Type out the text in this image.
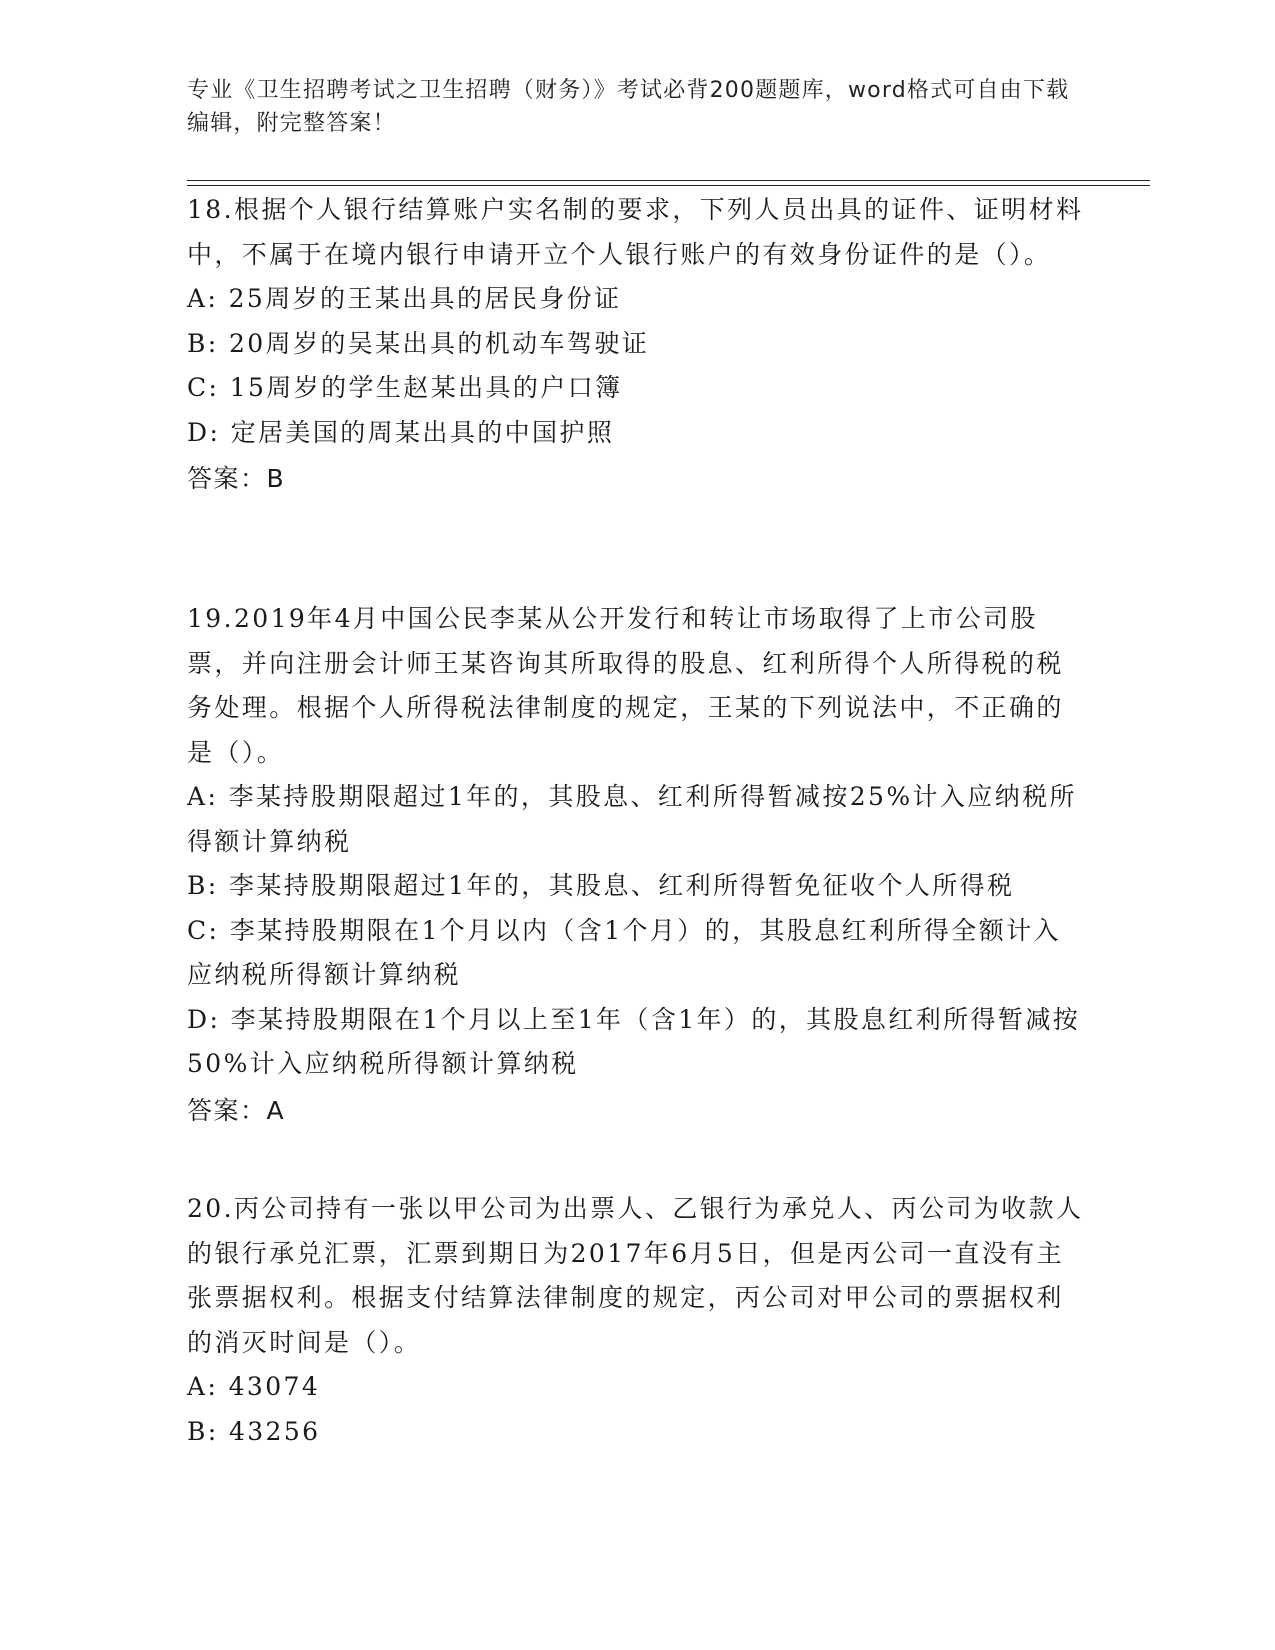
专业《卫生招聘考试之卫生招聘（财务）》考试必背200题题库，word格式可自由下载编辑，附完整答案！

18.根据个人银行结算账户实名制的要求，下列人员出具的证件、证明材料中，不属于在境内银行申请开立个人银行账户的有效身份证件的是（）。

A: 25周岁的王某出具的居民身份证

B: 20周岁的吴某出具的机动车驾驶证

C: 15周岁的学生赵某出具的户口簿

D: 定居美国的周某出具的中国护照

答案：B

19.2019年4月中国公民李某从公开发行和转让市场取得了上市公司股票，并向注册会计师王某咨询其所取得的股息、红利所得个人所得税的税务处理。根据个人所得税法律制度的规定，王某的下列说法中，不正确的是（）。

A: 李某持股期限超过1年的，其股息、红利所得暂减按25%计入应纳税所得额计算纳税

B: 李某持股期限超过1年的，其股息、红利所得暂免征收个人所得税

C: 李某持股期限在1个月以内（含1个月）的，其股息红利所得全额计入应纳税所得额计算纳税

D: 李某持股期限在1个月以上至1年（含1年）的，其股息红利所得暂减按50%计入应纳税所得额计算纳税

答案：A

20.丙公司持有一张以甲公司为出票人、乙银行为承兑人、丙公司为收款人的银行承兑汇票，汇票到期日为2017年6月5日，但是丙公司一直没有主张票据权利。根据支付结算法律制度的规定，丙公司对甲公司的票据权利的消灭时间是（）。

A: 43074

B: 43256
